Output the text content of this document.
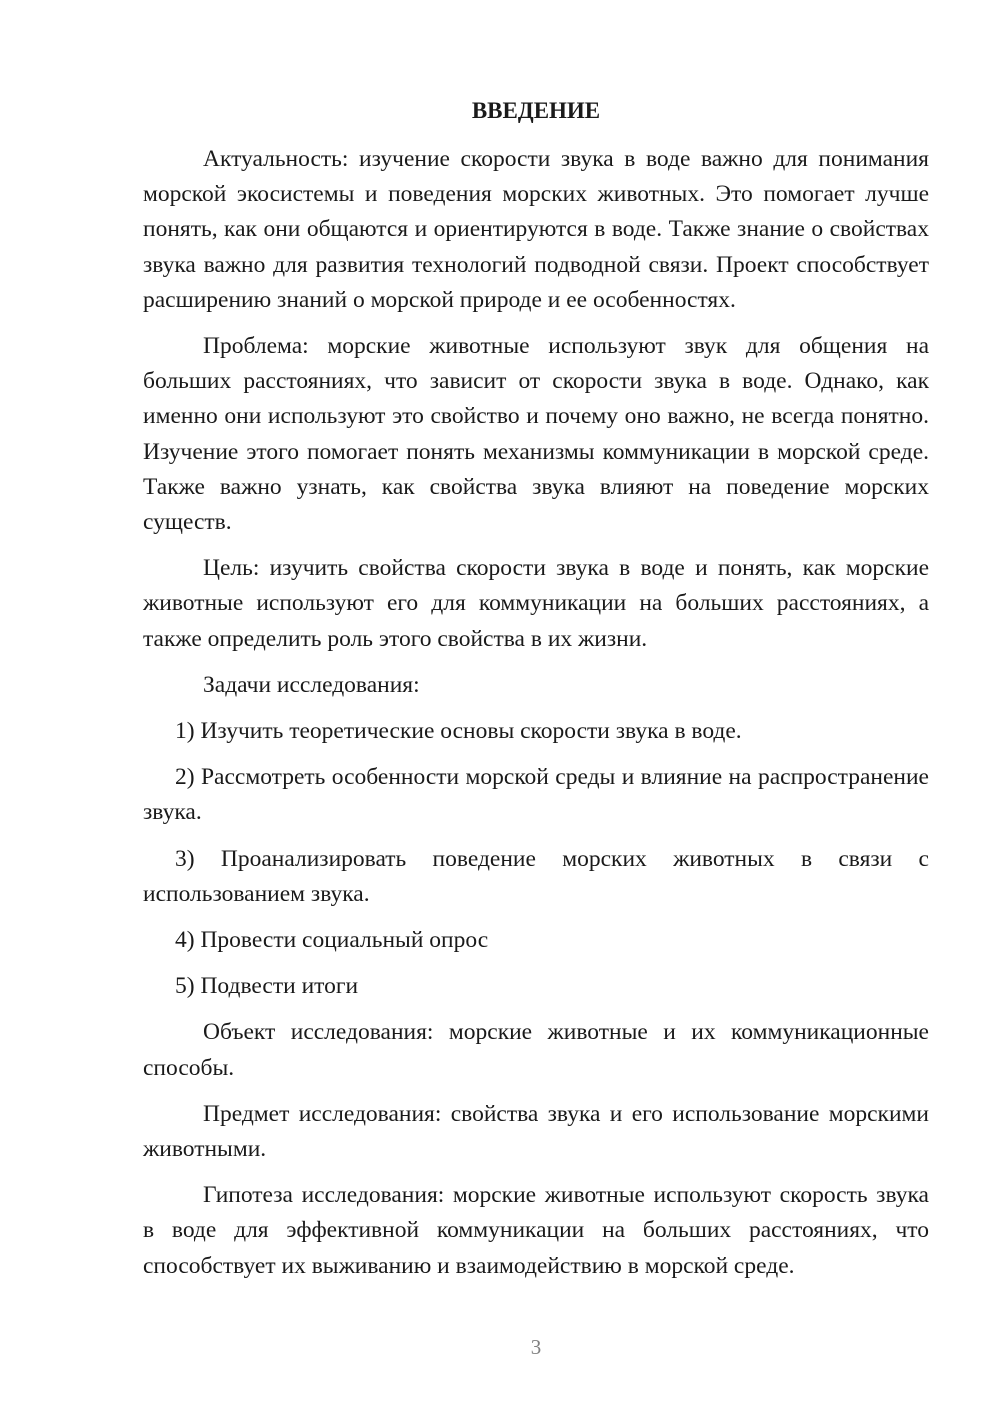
ВВЕДЕНИЕ

Актуальность: изучение скорости звука в воде важно для понимания морской экосистемы и поведения морских животных. Это помогает лучше понять, как они общаются и ориентируются в воде. Также знание о свойствах звука важно для развития технологий подводной связи. Проект способствует расширению знаний о морской природе и ее особенностях.

Проблема: морские животные используют звук для общения на больших расстояниях, что зависит от скорости звука в воде. Однако, как именно они используют это свойство и почему оно важно, не всегда понятно. Изучение этого помогает понять механизмы коммуникации в морской среде. Также важно узнать, как свойства звука влияют на поведение морских существ.

Цель: изучить свойства скорости звука в воде и понять, как морские животные используют его для коммуникации на больших расстояниях, а также определить роль этого свойства в их жизни.

Задачи исследования:

1) Изучить теоретические основы скорости звука в воде.

2) Рассмотреть особенности морской среды и влияние на распространение звука.

3) Проанализировать поведение морских животных в связи с использованием звука.

4) Провести социальный опрос

5) Подвести итоги

Объект исследования: морские животные и их коммуникационные способы.

Предмет исследования: свойства звука и его использование морскими животными.

Гипотеза исследования: морские животные используют скорость звука в воде для эффективной коммуникации на больших расстояниях, что способствует их выживанию и взаимодействию в морской среде.

3
